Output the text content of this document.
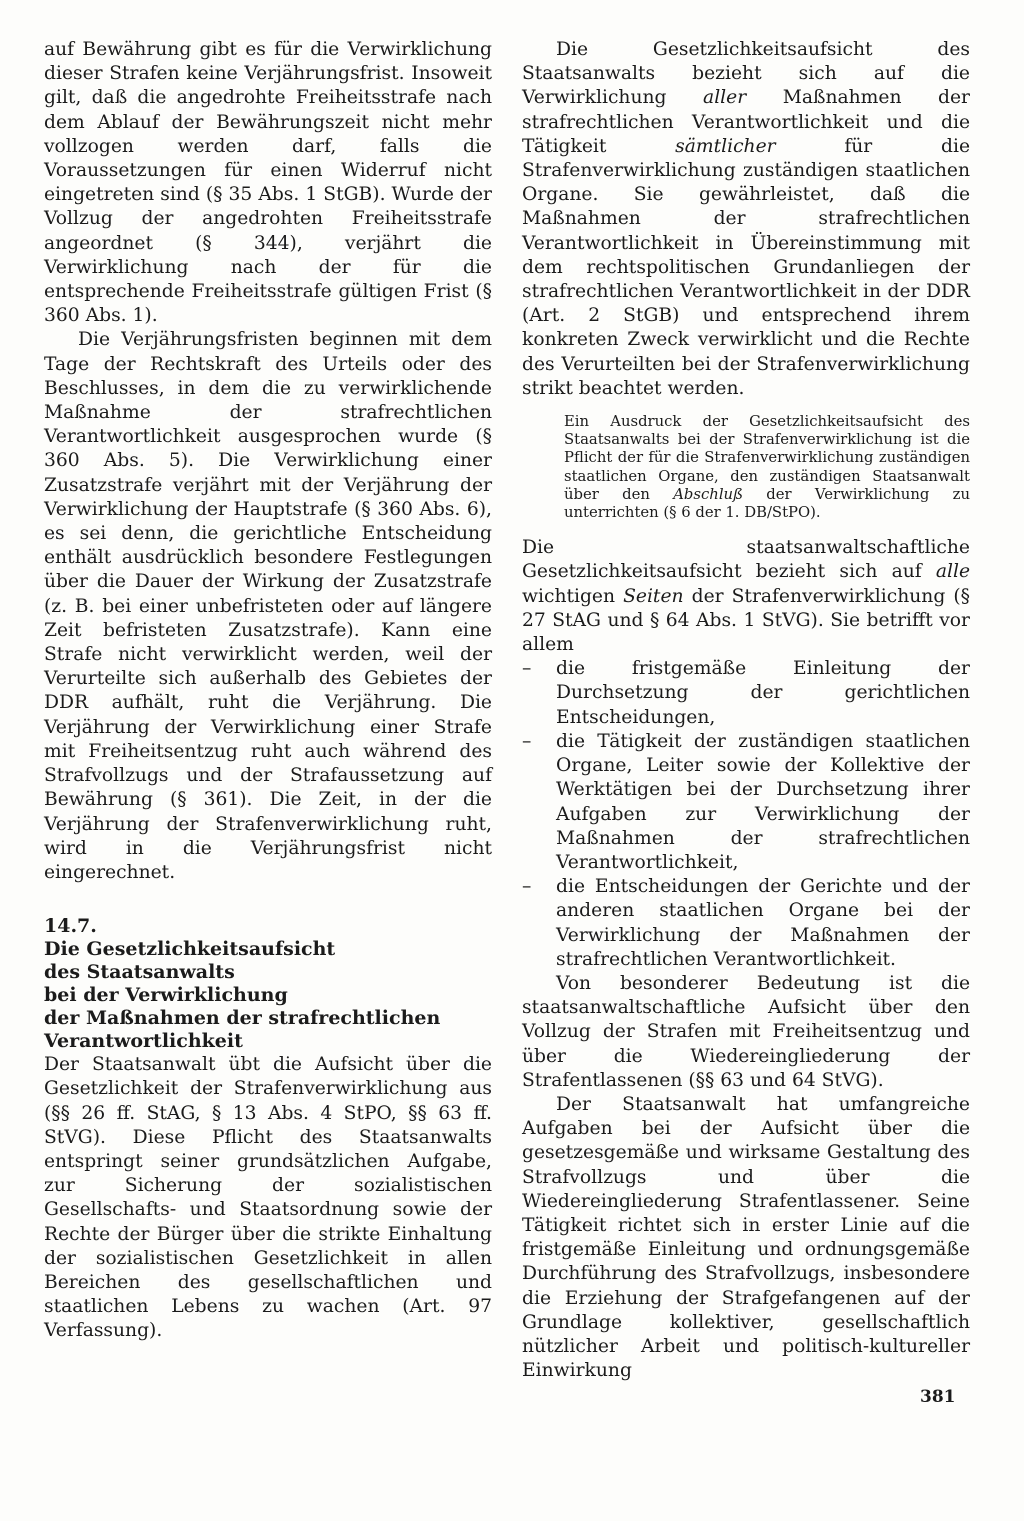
auf Bewährung gibt es für die Verwirklichung dieser Strafen keine Verjährungsfrist. Insoweit gilt, daß die angedrohte Freiheitsstrafe nach dem Ablauf der Bewährungszeit nicht mehr vollzogen werden darf, falls die Voraussetzungen für einen Widerruf nicht eingetreten sind (§ 35 Abs. 1 StGB). Wurde der Vollzug der angedrohten Freiheitsstrafe angeordnet (§ 344), verjährt die Verwirklichung nach der für die entsprechende Freiheitsstrafe gültigen Frist (§ 360 Abs. 1).

Die Verjährungsfristen beginnen mit dem Tage der Rechtskraft des Urteils oder des Beschlusses, in dem die zu verwirklichende Maßnahme der strafrechtlichen Verantwortlichkeit ausgesprochen wurde (§ 360 Abs. 5). Die Verwirklichung einer Zusatzstrafe verjährt mit der Verjährung der Verwirklichung der Hauptstrafe (§ 360 Abs. 6), es sei denn, die gerichtliche Entscheidung enthält ausdrücklich besondere Festlegungen über die Dauer der Wirkung der Zusatzstrafe (z. B. bei einer unbefristeten oder auf längere Zeit befristeten Zusatzstrafe). Kann eine Strafe nicht verwirklicht werden, weil der Verurteilte sich außerhalb des Gebietes der DDR aufhält, ruht die Verjährung. Die Verjährung der Verwirklichung einer Strafe mit Freiheitsentzug ruht auch während des Strafvollzugs und der Strafaussetzung auf Bewährung (§ 361). Die Zeit, in der die Verjährung der Strafenverwirklichung ruht, wird in die Verjährungsfrist nicht eingerechnet.

14.7.
Die Gesetzlichkeitsaufsicht
des Staatsanwalts
bei der Verwirklichung
der Maßnahmen der strafrechtlichen
Verantwortlichkeit

Der Staatsanwalt übt die Aufsicht über die Gesetzlichkeit der Strafenverwirklichung aus (§§ 26 ff. StAG, § 13 Abs. 4 StPO, §§ 63 ff. StVG). Diese Pflicht des Staatsanwalts entspringt seiner grundsätzlichen Aufgabe, zur Sicherung der sozialistischen Gesellschafts- und Staatsordnung sowie der Rechte der Bürger über die strikte Einhaltung der sozialistischen Gesetzlichkeit in allen Bereichen des gesellschaftlichen und staatlichen Lebens zu wachen (Art. 97 Verfassung).

Die Gesetzlichkeitsaufsicht des Staatsanwalts bezieht sich auf die Verwirklichung aller Maßnahmen der strafrechtlichen Verantwortlichkeit und die Tätigkeit sämtlicher für die Strafenverwirklichung zuständigen staatlichen Organe. Sie gewährleistet, daß die Maßnahmen der strafrechtlichen Verantwortlichkeit in Übereinstimmung mit dem rechtspolitischen Grundanliegen der strafrechtlichen Verantwortlichkeit in der DDR (Art. 2 StGB) und entsprechend ihrem konkreten Zweck verwirklicht und die Rechte des Verurteilten bei der Strafenverwirklichung strikt beachtet werden.

Ein Ausdruck der Gesetzlichkeitsaufsicht des Staatsanwalts bei der Strafenverwirklichung ist die Pflicht der für die Strafenverwirklichung zuständigen staatlichen Organe, den zuständigen Staatsanwalt über den Abschluß der Verwirklichung zu unterrichten (§ 6 der 1. DB/StPO).

Die staatsanwaltschaftliche Gesetzlichkeitsaufsicht bezieht sich auf alle wichtigen Seiten der Strafenverwirklichung (§ 27 StAG und § 64 Abs. 1 StVG). Sie betrifft vor allem

– die fristgemäße Einleitung der Durchsetzung der gerichtlichen Entscheidungen,
– die Tätigkeit der zuständigen staatlichen Organe, Leiter sowie der Kollektive der Werktätigen bei der Durchsetzung ihrer Aufgaben zur Verwirklichung der Maßnahmen der strafrechtlichen Verantwortlichkeit,
– die Entscheidungen der Gerichte und der anderen staatlichen Organe bei der Verwirklichung der Maßnahmen der strafrechtlichen Verantwortlichkeit.

Von besonderer Bedeutung ist die staatsanwaltschaftliche Aufsicht über den Vollzug der Strafen mit Freiheitsentzug und über die Wiedereingliederung der Strafentlassenen (§§ 63 und 64 StVG).

Der Staatsanwalt hat umfangreiche Aufgaben bei der Aufsicht über die gesetzesgemäße und wirksame Gestaltung des Strafvollzugs und über die Wiedereingliederung Strafentlassener. Seine Tätigkeit richtet sich in erster Linie auf die fristgemäße Einleitung und ordnungsgemäße Durchführung des Strafvollzugs, insbesondere die Erziehung der Strafgefangenen auf der Grundlage kollektiver, gesellschaftlich nützlicher Arbeit und politisch-kultureller Einwirkung

381
